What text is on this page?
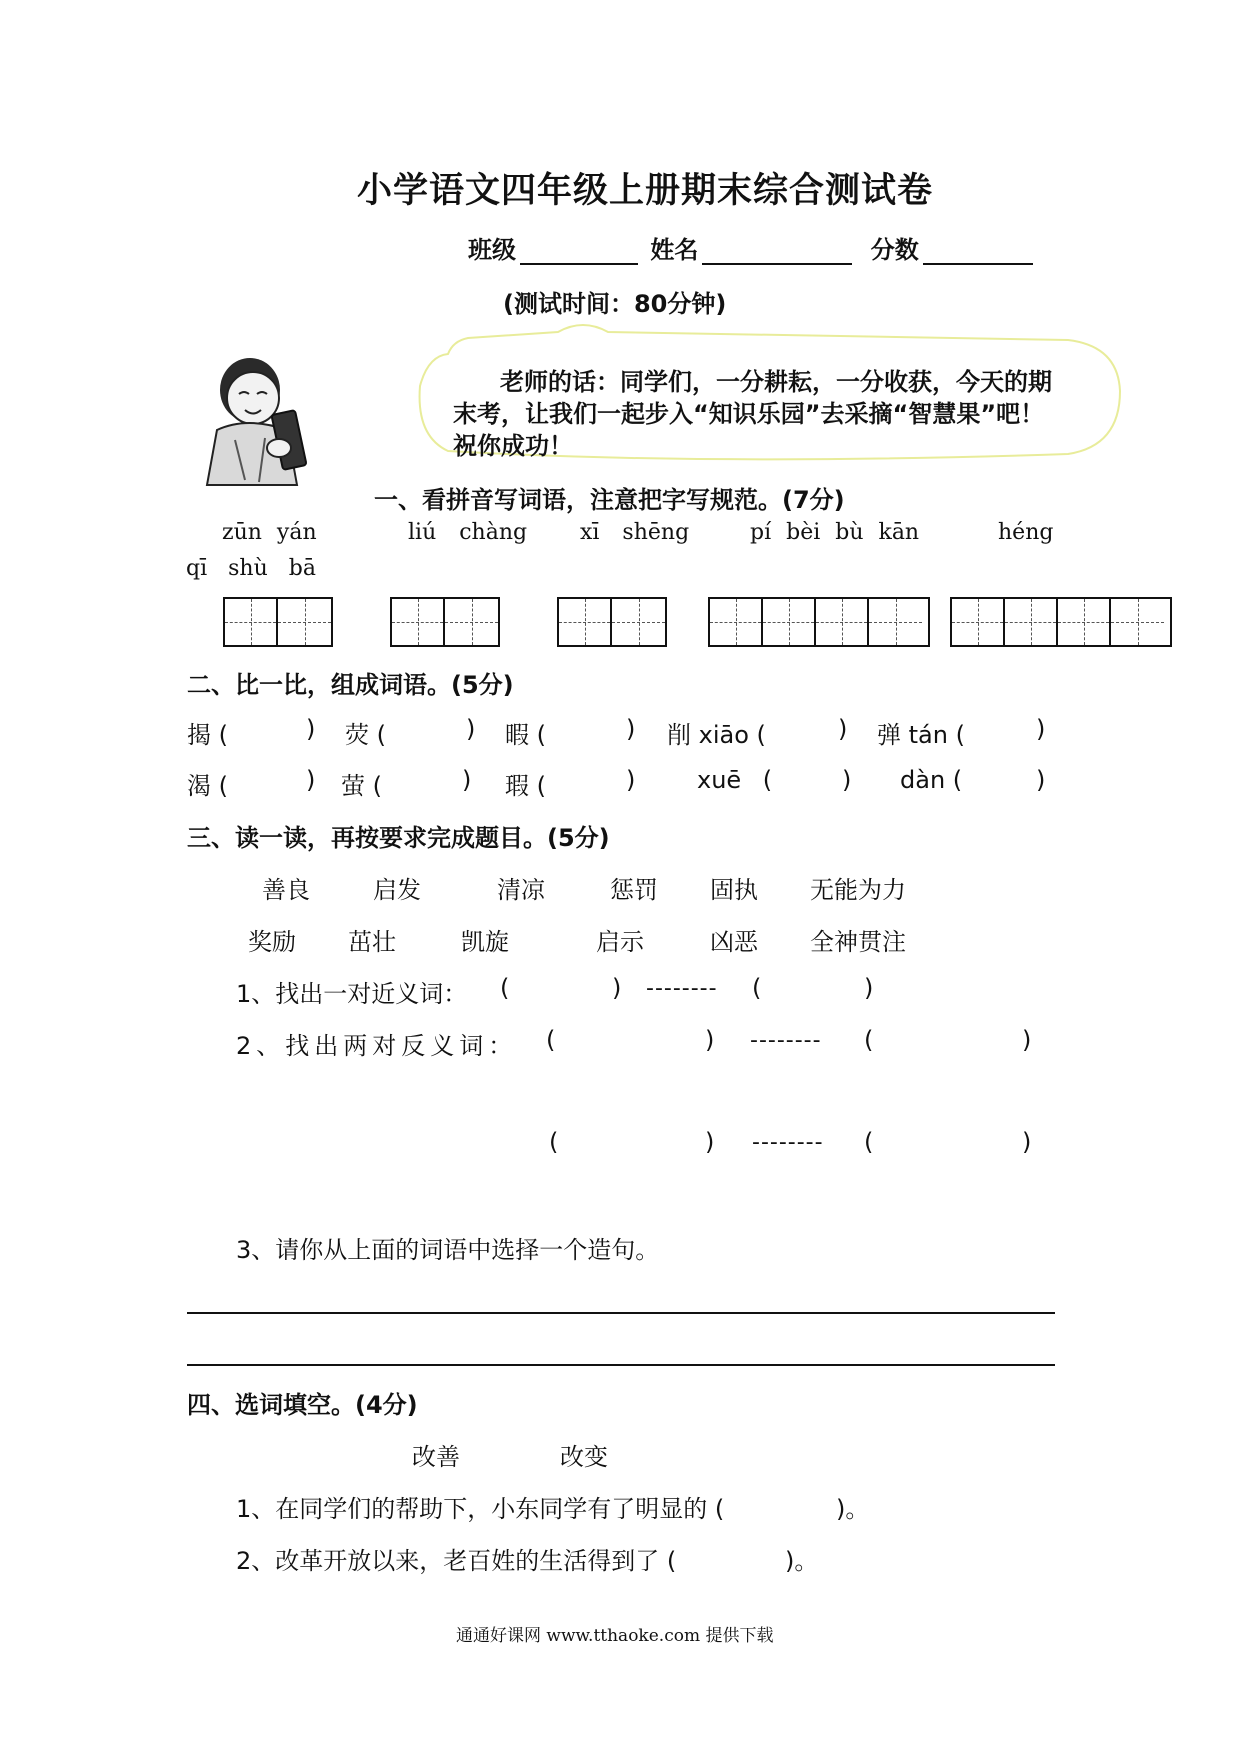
小学语文四年级上册期末综合测试卷
班级	姓名	分数
(测试时间：80分钟)
老师的话：同学们，一分耕耘，一分收获，今天的期
末考，让我们一起步入“知识乐园”去采摘“智慧果”吧！
祝你成功！
一、看拼音写词语，注意把字写规范。(7分)
zūn yán	liú chàng xī shēng	pí bèi bù kān	héng
qī shù bā
二、比一比，组成词语。(5分)
揭 (	) 荧 (	) 暇 (	) 削 xiāo (	) 弹 tán (	)
渴 (	) 萤 (	) 瑕 (	)	xuē (	) dàn (	)
三、读一读，再按要求完成题目。(5分)
善良	启发	清凉	惩罚 固执 无能为力
奖励 茁壮	凯旋	启示	凶恶 全神贯注
1、找出一对近义词： (	) -------- (	)
2、找出两对反义词： (	) -------- (	)
(	) -------- (	)
3、请你从上面的词语中选择一个造句。
四、选词填空。(4分)
改善	改变
1、在同学们的帮助下，小东同学有了明显的 (	)。
2、改革开放以来，老百姓的生活得到了 (	)。
通通好课网 www.tthaoke.com 提供下载
